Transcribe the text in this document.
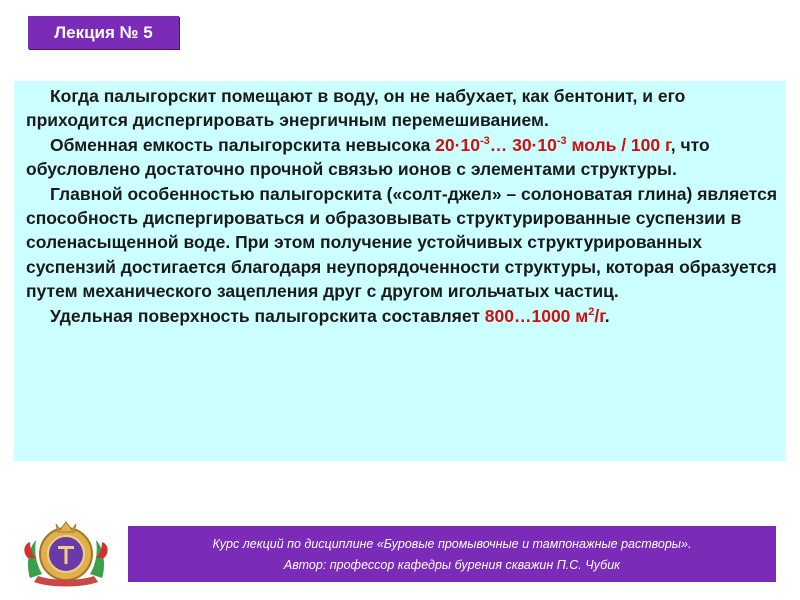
Лекция № 5

Когда палыгорскит помещают в воду, он не набухает, как бентонит, и его приходится диспергировать энергичным перемешиванием.

Обменная емкость палыгорскита невысока $20\cdot 10^{-3}\dots$ $30\cdot 10^{-3}$ моль / 100 г, что обусловлено достаточно прочной связью ионов с элементами структуры.

Главной особенностью палыгорскита («солт-джел» – солоноватая глина) является способность диспергироваться и образовывать структурированные суспензии в соленасыщенной воде. При этом получение устойчивых структурированных суспензий достигается благодаря неупорядоченности структуры, которая образуется путем механического зацепления друг с другом игольчатых частиц.

Удельная поверхность палыгорскита составляет 800…1000 $м^2/г$.

Курс лекций по дисциплине «Буровые промывочные и тампонажные растворы».
Автор: профессор кафедры бурения скважин П.С. Чубик
